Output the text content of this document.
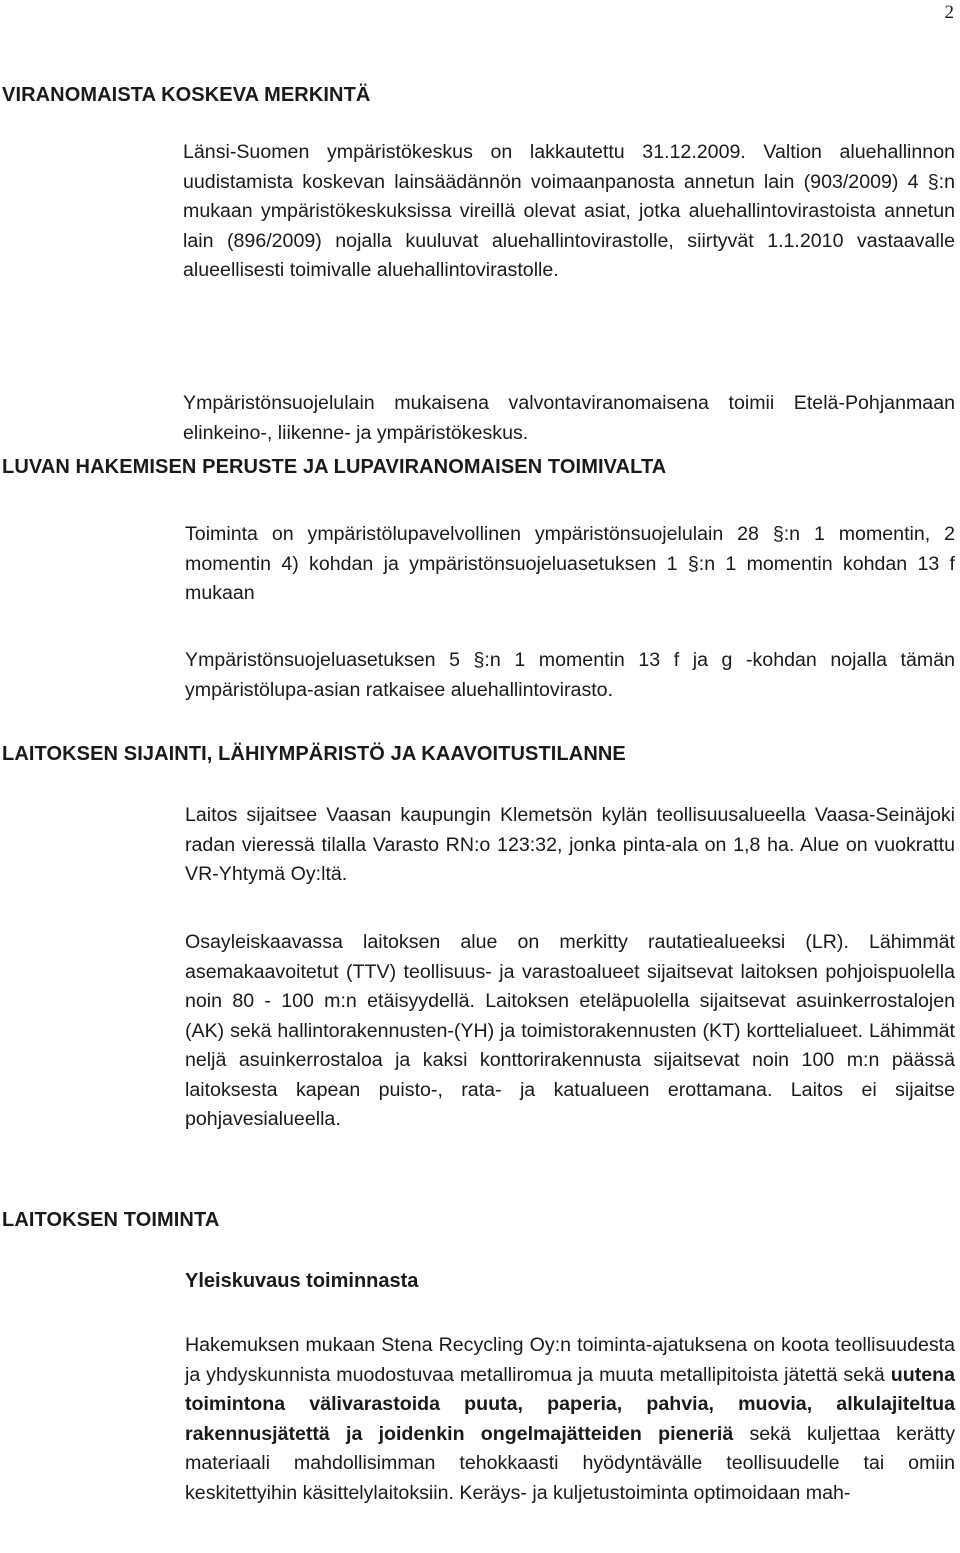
2
VIRANOMAISTA KOSKEVA MERKINTÄ
Länsi-Suomen ympäristökeskus on lakkautettu 31.12.2009. Valtion aluehallinnon uudistamista koskevan lainsäädännön voimaanpanosta annetun lain (903/2009) 4 §:n mukaan ympäristökeskuksissa vireillä olevat asiat, jotka aluehallintovirastoista annetun lain (896/2009) nojalla kuuluvat aluehallintovirastolle, siirtyvät 1.1.2010 vastaavalle alueellisesti toimivalle aluehallintovirastolle.
Ympäristönsuojelulain mukaisena valvontaviranomaisena toimii Etelä-Pohjanmaan elinkeino-, liikenne- ja ympäristökeskus.
LUVAN HAKEMISEN PERUSTE JA LUPAVIRANOMAISEN TOIMIVALTA
Toiminta on ympäristölupavelvollinen ympäristönsuojelulain 28 §:n 1 momentin, 2 momentin 4) kohdan ja ympäristönsuojeluasetuksen 1 §:n 1 momentin kohdan 13 f mukaan
Ympäristönsuojeluasetuksen 5 §:n 1 momentin 13 f ja g -kohdan nojalla tämän ympäristölupa-asian ratkaisee aluehallintovirasto.
LAITOKSEN SIJAINTI, LÄHIYMPÄRISTÖ JA KAAVOITUSTILANNE
Laitos sijaitsee Vaasan kaupungin Klemetsön kylän teollisuusalueella Vaasa-Seinäjoki radan vieressä tilalla Varasto RN:o 123:32, jonka pinta-ala on 1,8 ha. Alue on vuokrattu VR-Yhtymä Oy:ltä.
Osayleiskaavassa laitoksen alue on merkitty rautatiealueeksi (LR). Lähimmät asemakaavoitetut (TTV) teollisuus- ja varastoalueet sijaitsevat laitoksen pohjoispuolella noin 80 - 100 m:n etäisyydellä. Laitoksen eteläpuolella sijaitsevat asuinkerrostalojen (AK) sekä hallintorakennusten-(YH) ja toimistorakennusten (KT) korttelialueet. Lähimmät neljä asuinkerrostaloa ja kaksi konttorirakennusta sijaitsevat noin 100 m:n päässä laitoksesta kapean puisto-, rata- ja katualueen erottamana. Laitos ei sijaitse pohjavesialueella.
LAITOKSEN TOIMINTA
Yleiskuvaus toiminnasta
Hakemuksen mukaan Stena Recycling Oy:n toiminta-ajatuksena on koota teollisuudesta ja yhdyskunnista muodostuvaa metalliromua ja muuta metallipitoista jätettä sekä uutena toimintona välivarastoida puuta, paperia, pahvia, muovia, alkulajiteltua rakennusjätettä ja joidenkin ongelmajätteiden pieneriä sekä kuljettaa kerätty materiaali mahdollisimman tehokkaasti hyödyntävälle teollisuudelle tai omiin keskitettyihin käsittelylaitoksiin. Keräys- ja kuljetustoiminta optimoidaan mah-
